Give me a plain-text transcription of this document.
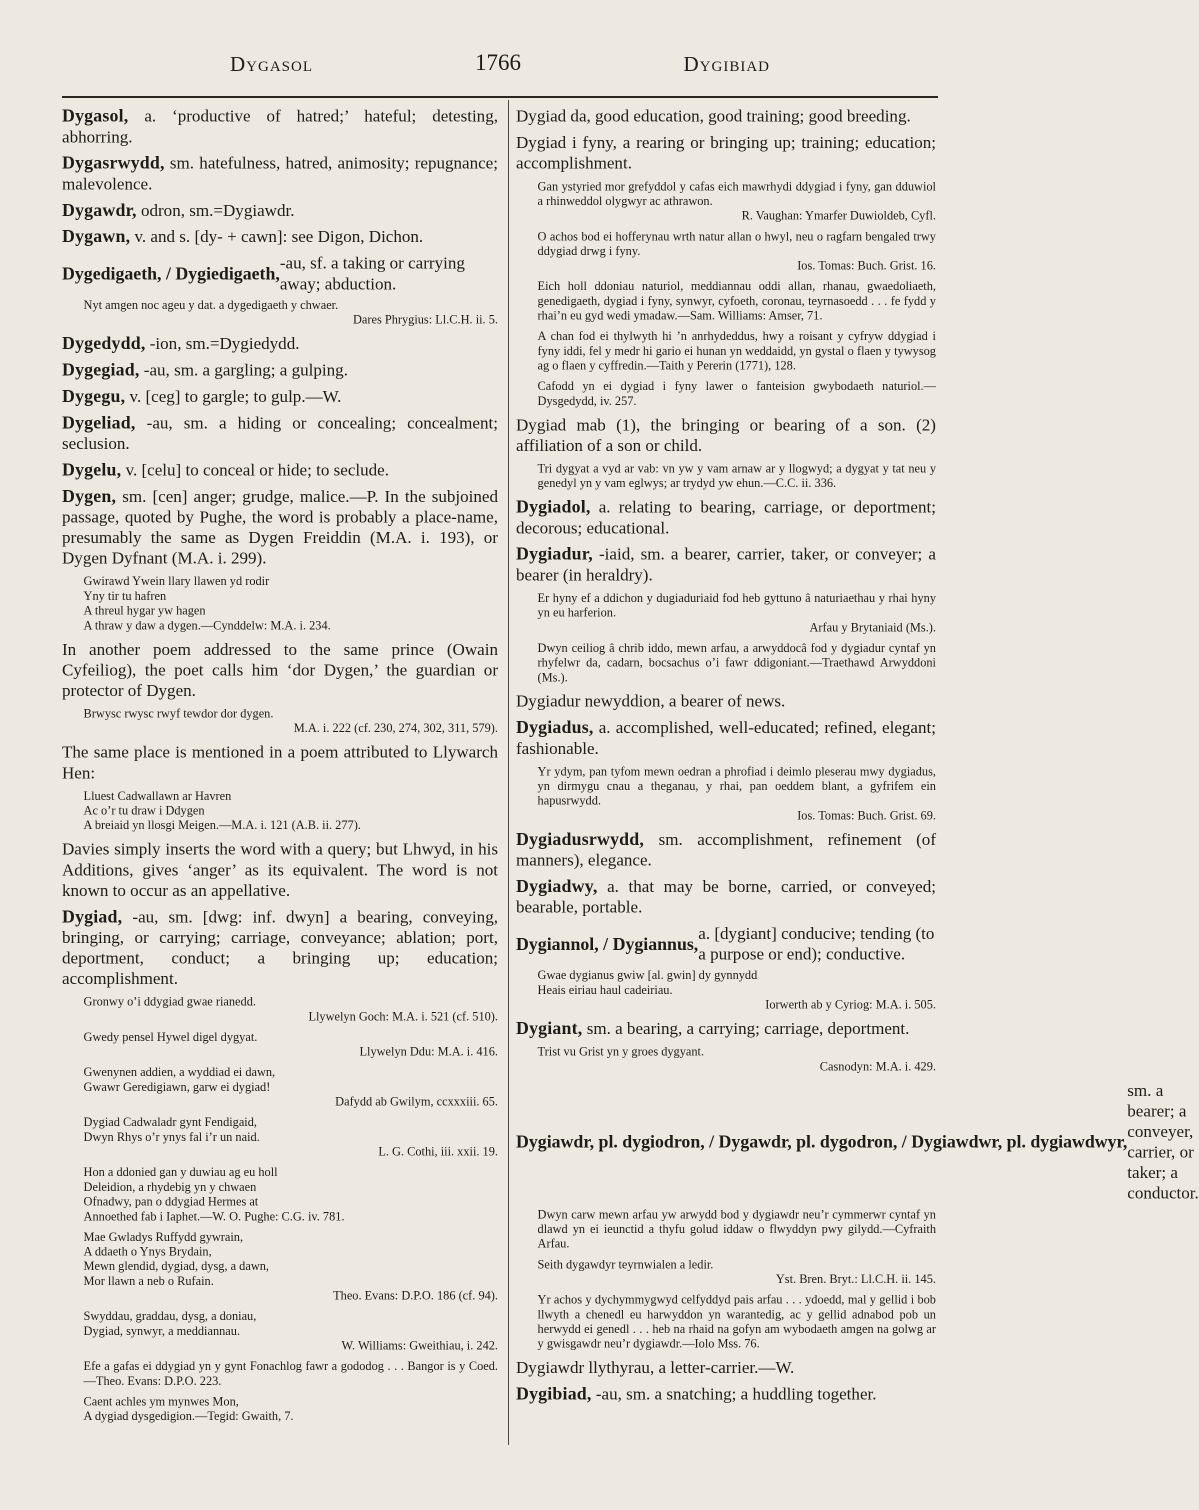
Dygasol	1766	Dygibiad

Dygasol, a. ‘productive of hatred;’ hateful; detesting, abhorring.

Dygasrwydd, sm. hatefulness, hatred, animosity; repugnance; malevolence.

Dygawdr, odron, sm.=Dygiawdr.

Dygawn, v. and s. [dy- + cawn]: see Digon, Dichon.

Dygedigaeth, / Dygiedigaeth,
-au, sf. a taking or carrying away; abduction.
Nyt amgen noc ageu y dat. a dygedigaeth y chwaer.
Dares Phrygius: Ll.C.H. ii. 5.

Dygedydd, -ion, sm.=Dygiedydd.

Dygegiad, -au, sm. a gargling; a gulping.

Dygegu, v. [ceg] to gargle; to gulp.—W.

Dygeliad, -au, sm. a hiding or concealing; concealment; seclusion.

Dygelu, v. [celu] to conceal or hide; to seclude.

Dygen, sm. [cen] anger; grudge, malice.—P. In the subjoined passage, quoted by Pughe, the word is probably a place-name, presumably the same as Dygen Freiddin (M.A. i. 193), or Dygen Dyfnant (M.A. i. 299).

Gwirawd Ywein llary llawen yd rodir
Yny tir tu hafren
A threul hygar yw hagen
A thraw y daw a dygen.—Cynddelw: M.A. i. 234.

In another poem addressed to the same prince (Owain Cyfeiliog), the poet calls him ‘dor Dygen,’ the guardian or protector of Dygen.

Brwysc rwysc rwyf tewdor dor dygen.
M.A. i. 222 (cf. 230, 274, 302, 311, 579).

The same place is mentioned in a poem attributed to Llywarch Hen:

Lluest Cadwallawn ar Havren
Ac o’r tu draw i Ddygen
A breiaid yn llosgi Meigen.—M.A. i. 121 (A.B. ii. 277).

Davies simply inserts the word with a query; but Lhwyd, in his Additions, gives ‘anger’ as its equivalent. The word is not known to occur as an appellative.

Dygiad, -au, sm. [dwg: inf. dwyn] a bearing, conveying, bringing, or carrying; carriage, conveyance; ablation; port, deportment, conduct; a bringing up; education; accomplishment.

Gronwy o’i ddygiad gwae rianedd.
Llywelyn Goch: M.A. i. 521 (cf. 510).
Gwedy pensel Hywel digel dygyat.
Llywelyn Ddu: M.A. i. 416.
Gwenynen addien, a wyddiad ei dawn,
Gwawr Geredigiawn, garw ei dygiad!
Dafydd ab Gwilym, ccxxxiii. 65.
Dygiad Cadwaladr gynt Fendigaid,
Dwyn Rhys o’r ynys fal i’r un naid.
L. G. Cothi, iii. xxii. 19.
Hon a ddonied gan y duwiau ag eu holl
Deleidion, a rhydebig yn y chwaen
Ofnadwy, pan o ddygiad Hermes at
Annoethed fab i Iaphet.—W. O. Pughe: C.G. iv. 781.
Mae Gwladys Ruffydd gywrain,
A ddaeth o Ynys Brydain,
Mewn glendid, dygiad, dysg, a dawn,
Mor llawn a neb o Rufain.
Theo. Evans: D.P.O. 186 (cf. 94).
Swyddau, graddau, dysg, a doniau,
Dygiad, synwyr, a meddiannau.
W. Williams: Gweithiau, i. 242.
Efe a gafas ei ddygiad yn y gynt Fonachlog fawr a gododog . . . Bangor is y Coed.—Theo. Evans: D.P.O. 223.
Caent achles ym mynwes Mon,
A dygiad dysgedigion.—Tegid: Gwaith, 7.

Dygiad da, good education, good training; good breeding.

Dygiad i fyny, a rearing or bringing up; training; education; accomplishment.

Gan ystyried mor grefyddol y cafas eich mawrhydi ddygiad i fyny, gan dduwiol a rhinweddol olygwyr ac athrawon.
R. Vaughan: Ymarfer Duwioldeb, Cyfl.
O achos bod ei hofferynau wrth natur allan o hwyl, neu o ragfarn bengaled trwy ddygiad drwg i fyny.
Ios. Tomas: Buch. Grist. 16.
Eich holl ddoniau naturiol, meddiannau oddi allan, rhanau, gwaedoliaeth, genedigaeth, dygiad i fyny, synwyr, cyfoeth, coronau, teyrnasoedd . . . fe fydd y rhai’n eu gyd wedi ymadaw.—Sam. Williams: Amser, 71.
A chan fod ei thylwyth hi ’n anrhydeddus, hwy a roisant y cyfryw ddygiad i fyny iddi, fel y medr hi gario ei hunan yn weddaidd, yn gystal o flaen y tywysog ag o flaen y cyffredin.—Taith y Pererin (1771), 128.
Cafodd yn ei dygiad i fyny lawer o fanteision gwybodaeth naturiol.—Dysgedydd, iv. 257.

Dygiad mab (1), the bringing or bearing of a son. (2) affiliation of a son or child.

Tri dygyat a vyd ar vab: vn yw y vam arnaw ar y llogwyd; a dygyat y tat neu y genedyl yn y vam eglwys; ar trydyd yw ehun.—C.C. ii. 336.

Dygiadol, a. relating to bearing, carriage, or deportment; decorous; educational.

Dygiadur, -iaid, sm. a bearer, carrier, taker, or conveyer; a bearer (in heraldry).

Er hyny ef a ddichon y dugiaduriaid fod heb gyttuno â naturiaethau y rhai hyny yn eu harferion.
Arfau y Brytaniaid (Ms.).
Dwyn ceiliog â chrib iddo, mewn arfau, a arwyddocâ fod y dygiadur cyntaf yn rhyfelwr da, cadarn, bocsachus o’i fawr ddigoniant.—Traethawd Arwyddoni (Ms.).

Dygiadur newyddion, a bearer of news.

Dygiadus, a. accomplished, well-educated; refined, elegant; fashionable.

Yr ydym, pan tyfom mewn oedran a phrofiad i deimlo pleserau mwy dygiadus, yn dirmygu cnau a theganau, y rhai, pan oeddem blant, a gyfrifem ein hapusrwydd.
Ios. Tomas: Buch. Grist. 69.

Dygiadusrwydd, sm. accomplishment, refinement (of manners), elegance.

Dygiadwy, a. that may be borne, carried, or conveyed; bearable, portable.

Dygiannol, / Dygiannus,
a. [dygiant] conducive; tending (to a purpose or end); conductive.
Gwae dygianus gwiw [al. gwin] dy gynnydd
Heais eiriau haul cadeiriau.
Iorwerth ab y Cyriog: M.A. i. 505.

Dygiant, sm. a bearing, a carrying; carriage, deportment.

Trist vu Grist yn y groes dygyant.
Casnodyn: M.A. i. 429.
Dygiawdr, pl. dygiodron, / Dygawdr, pl. dygodron, / Dygiawdwr, pl. dygiawdwyr,
sm. a bearer; a conveyer, carrier, or taker; a conductor.
Dwyn carw mewn arfau yw arwydd bod y dygiawdr neu’r cymmerwr cyntaf yn dlawd yn ei ieunctid a thyfu golud iddaw o flwyddyn pwy gilydd.—Cyfraith Arfau.
Seith dygawdyr teyrnwialen a ledir.
Yst. Bren. Bryt.: Ll.C.H. ii. 145.
Yr achos y dychymmygwyd celfyddyd pais arfau . . . ydoedd, mal y gellid i bob llwyth a chenedl eu harwyddon yn warantedig, ac y gellid adnabod pob un herwydd ei genedl . . . heb na rhaid na gofyn am wybodaeth amgen na golwg ar y gwisgawdr neu’r dygiawdr.—Iolo Mss. 76.

Dygiawdr llythyrau, a letter-carrier.—W.

Dygibiad, -au, sm. a snatching; a huddling together.
